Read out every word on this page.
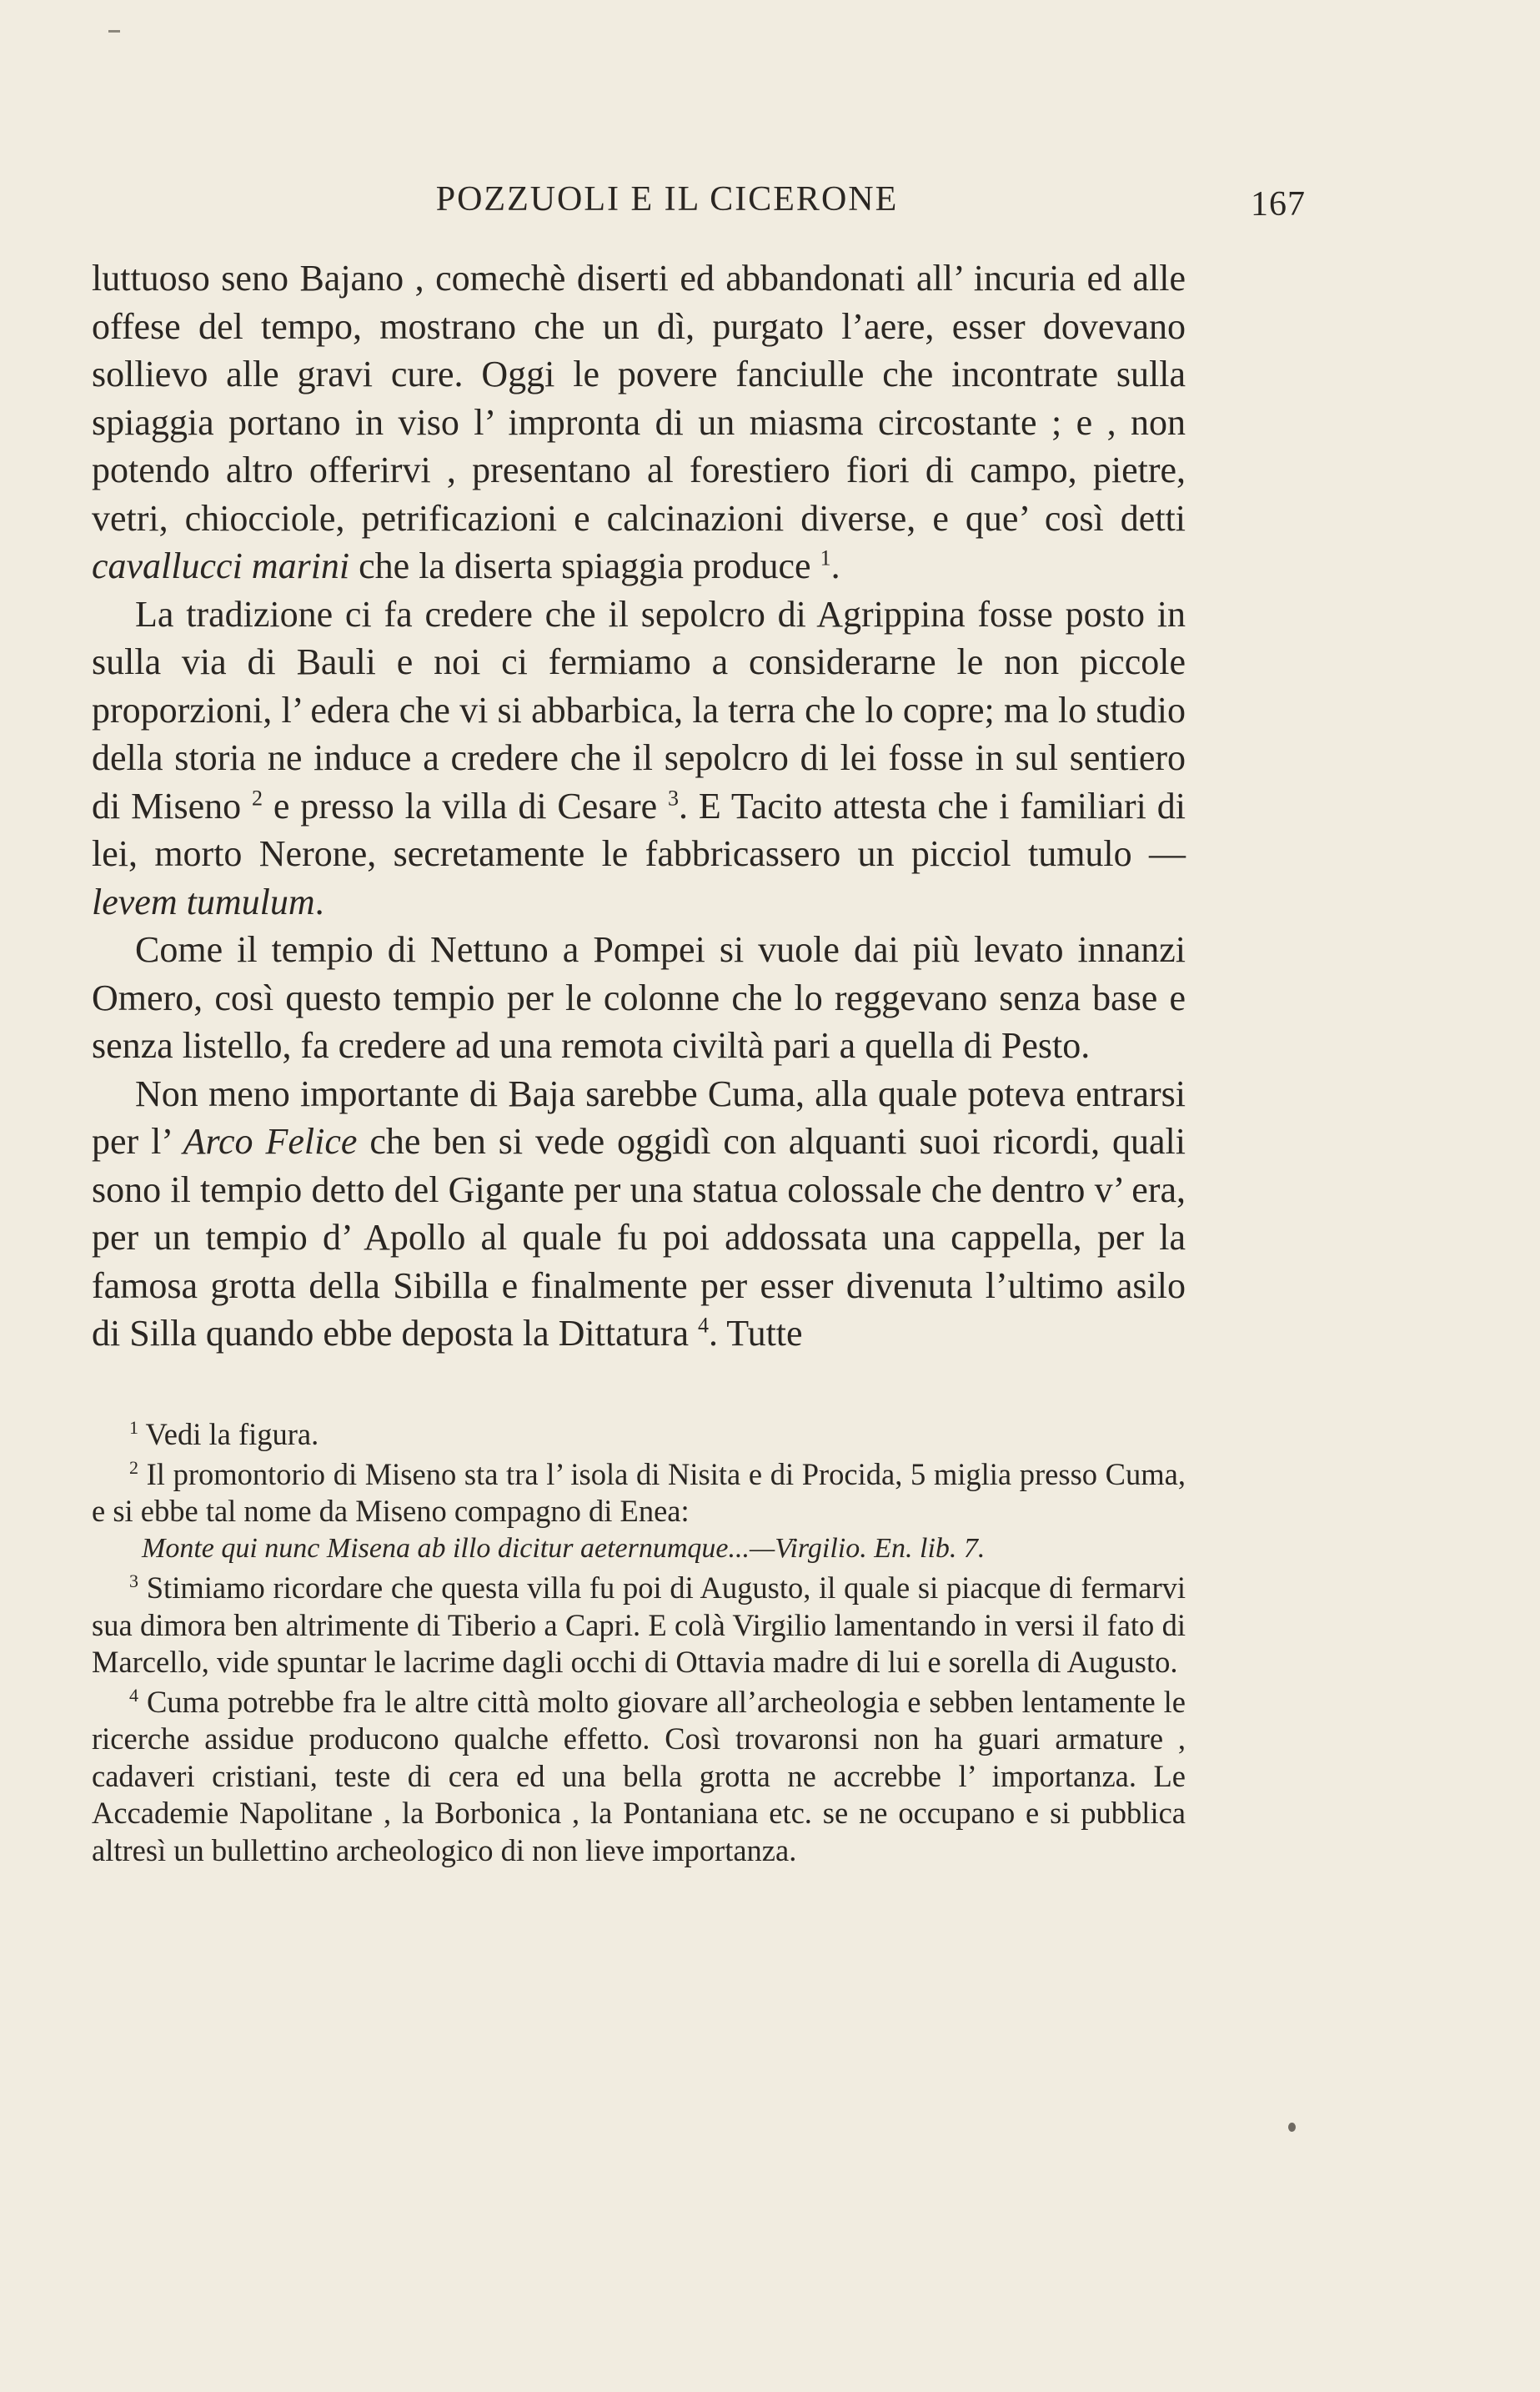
POZZUOLI E IL CICERONE	167

luttuoso seno Bajano , comechè diserti ed abbandonati all’ incuria ed alle offese del tempo, mostrano che un dì, purgato l’aere, esser dovevano sollievo alle gravi cure. Oggi le povere fanciulle che incontrate sulla spiaggia portano in viso l’ impronta di un miasma circostante ; e , non potendo altro offerirvi , presentano al forestiero fiori di campo, pietre, vetri, chiocciole, petrificazioni e calcinazioni diverse, e que’ così detti cavallucci marini che la diserta spiaggia produce $^1$.

La tradizione ci fa credere che il sepolcro di Agrippina fosse posto in sulla via di Bauli e noi ci fermiamo a considerarne le non piccole proporzioni, l’ edera che vi si abbarbica, la terra che lo copre; ma lo studio della storia ne induce a credere che il sepolcro di lei fosse in sul sentiero di Miseno $^2$ e presso la villa di Cesare $^3$. E Tacito attesta che i familiari di lei, morto Nerone, secretamente le fabbricassero un picciol tumulo — levem tumulum.

Come il tempio di Nettuno a Pompei si vuole dai più levato innanzi Omero, così questo tempio per le colonne che lo reggevano senza base e senza listello, fa credere ad una remota civiltà pari a quella di Pesto.

Non meno importante di Baja sarebbe Cuma, alla quale poteva entrarsi per l’ Arco Felice che ben si vede oggidì con alquanti suoi ricordi, quali sono il tempio detto del Gigante per una statua colossale che dentro v’ era, per un tempio d’ Apollo al quale fu poi addossata una cappella, per la famosa grotta della Sibilla e finalmente per esser divenuta l’ultimo asilo di Silla quando ebbe deposta la Dittatura $^4$. Tutte

$^1$ Vedi la figura.

$^2$ Il promontorio di Miseno sta tra l’ isola di Nisita e di Procida, 5 miglia presso Cuma, e si ebbe tal nome da Miseno compagno di Enea:
Monte qui nunc Misena ab illo dicitur aeternumque...—Virgilio. En. lib. 7.

$^3$ Stimiamo ricordare che questa villa fu poi di Augusto, il quale si piacque di fermarvi sua dimora ben altrimente di Tiberio a Capri. E colà Virgilio lamentando in versi il fato di Marcello, vide spuntar le lacrime dagli occhi di Ottavia madre di lui e sorella di Augusto.

$^4$ Cuma potrebbe fra le altre città molto giovare all’archeologia e sebben lentamente le ricerche assidue producono qualche effetto. Così trovaronsi non ha guari armature , cadaveri cristiani, teste di cera ed una bella grotta ne accrebbe l’ importanza. Le Accademie Napolitane , la Borbonica , la Pontaniana etc. se ne occupano e si pubblica altresì un bullettino archeologico di non lieve importanza.
